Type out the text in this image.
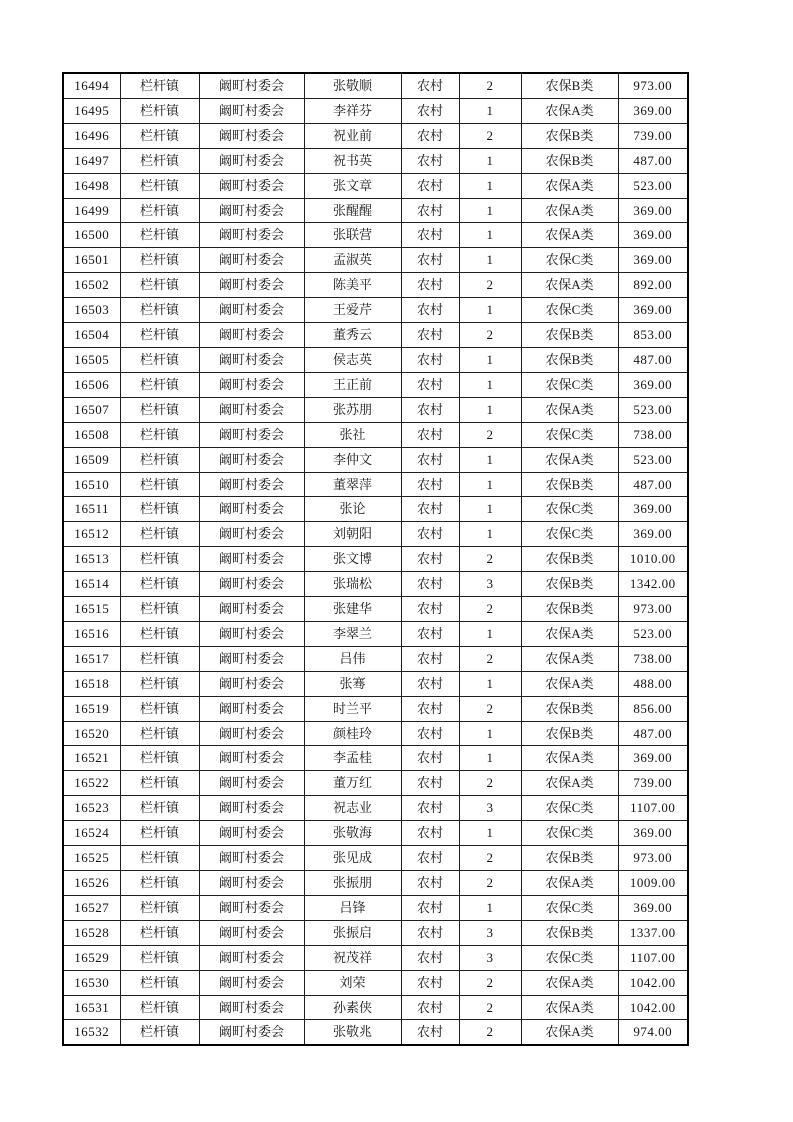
16494	栏杆镇	阚町村委会	张敬顺	农村	2	农保B类	973.00
16495	栏杆镇	阚町村委会	李祥芬	农村	1	农保A类	369.00
16496	栏杆镇	阚町村委会	祝业前	农村	2	农保B类	739.00
16497	栏杆镇	阚町村委会	祝书英	农村	1	农保B类	487.00
16498	栏杆镇	阚町村委会	张文章	农村	1	农保A类	523.00
16499	栏杆镇	阚町村委会	张醒醒	农村	1	农保A类	369.00
16500	栏杆镇	阚町村委会	张联营	农村	1	农保A类	369.00
16501	栏杆镇	阚町村委会	孟淑英	农村	1	农保C类	369.00
16502	栏杆镇	阚町村委会	陈美平	农村	2	农保A类	892.00
16503	栏杆镇	阚町村委会	王爱芹	农村	1	农保C类	369.00
16504	栏杆镇	阚町村委会	董秀云	农村	2	农保B类	853.00
16505	栏杆镇	阚町村委会	侯志英	农村	1	农保B类	487.00
16506	栏杆镇	阚町村委会	王正前	农村	1	农保C类	369.00
16507	栏杆镇	阚町村委会	张苏朋	农村	1	农保A类	523.00
16508	栏杆镇	阚町村委会	张社	农村	2	农保C类	738.00
16509	栏杆镇	阚町村委会	李仲文	农村	1	农保A类	523.00
16510	栏杆镇	阚町村委会	董翠萍	农村	1	农保B类	487.00
16511	栏杆镇	阚町村委会	张论	农村	1	农保C类	369.00
16512	栏杆镇	阚町村委会	刘朝阳	农村	1	农保C类	369.00
16513	栏杆镇	阚町村委会	张文博	农村	2	农保B类	1010.00
16514	栏杆镇	阚町村委会	张瑞松	农村	3	农保B类	1342.00
16515	栏杆镇	阚町村委会	张建华	农村	2	农保B类	973.00
16516	栏杆镇	阚町村委会	李翠兰	农村	1	农保A类	523.00
16517	栏杆镇	阚町村委会	吕伟	农村	2	农保A类	738.00
16518	栏杆镇	阚町村委会	张骞	农村	1	农保A类	488.00
16519	栏杆镇	阚町村委会	时兰平	农村	2	农保B类	856.00
16520	栏杆镇	阚町村委会	颜桂玲	农村	1	农保B类	487.00
16521	栏杆镇	阚町村委会	李孟桂	农村	1	农保A类	369.00
16522	栏杆镇	阚町村委会	董万红	农村	2	农保A类	739.00
16523	栏杆镇	阚町村委会	祝志业	农村	3	农保C类	1107.00
16524	栏杆镇	阚町村委会	张敬海	农村	1	农保C类	369.00
16525	栏杆镇	阚町村委会	张见成	农村	2	农保B类	973.00
16526	栏杆镇	阚町村委会	张振朋	农村	2	农保A类	1009.00
16527	栏杆镇	阚町村委会	吕锋	农村	1	农保C类	369.00
16528	栏杆镇	阚町村委会	张振启	农村	3	农保B类	1337.00
16529	栏杆镇	阚町村委会	祝茂祥	农村	3	农保C类	1107.00
16530	栏杆镇	阚町村委会	刘荣	农村	2	农保A类	1042.00
16531	栏杆镇	阚町村委会	孙素侠	农村	2	农保A类	1042.00
16532	栏杆镇	阚町村委会	张敬兆	农村	2	农保A类	974.00
